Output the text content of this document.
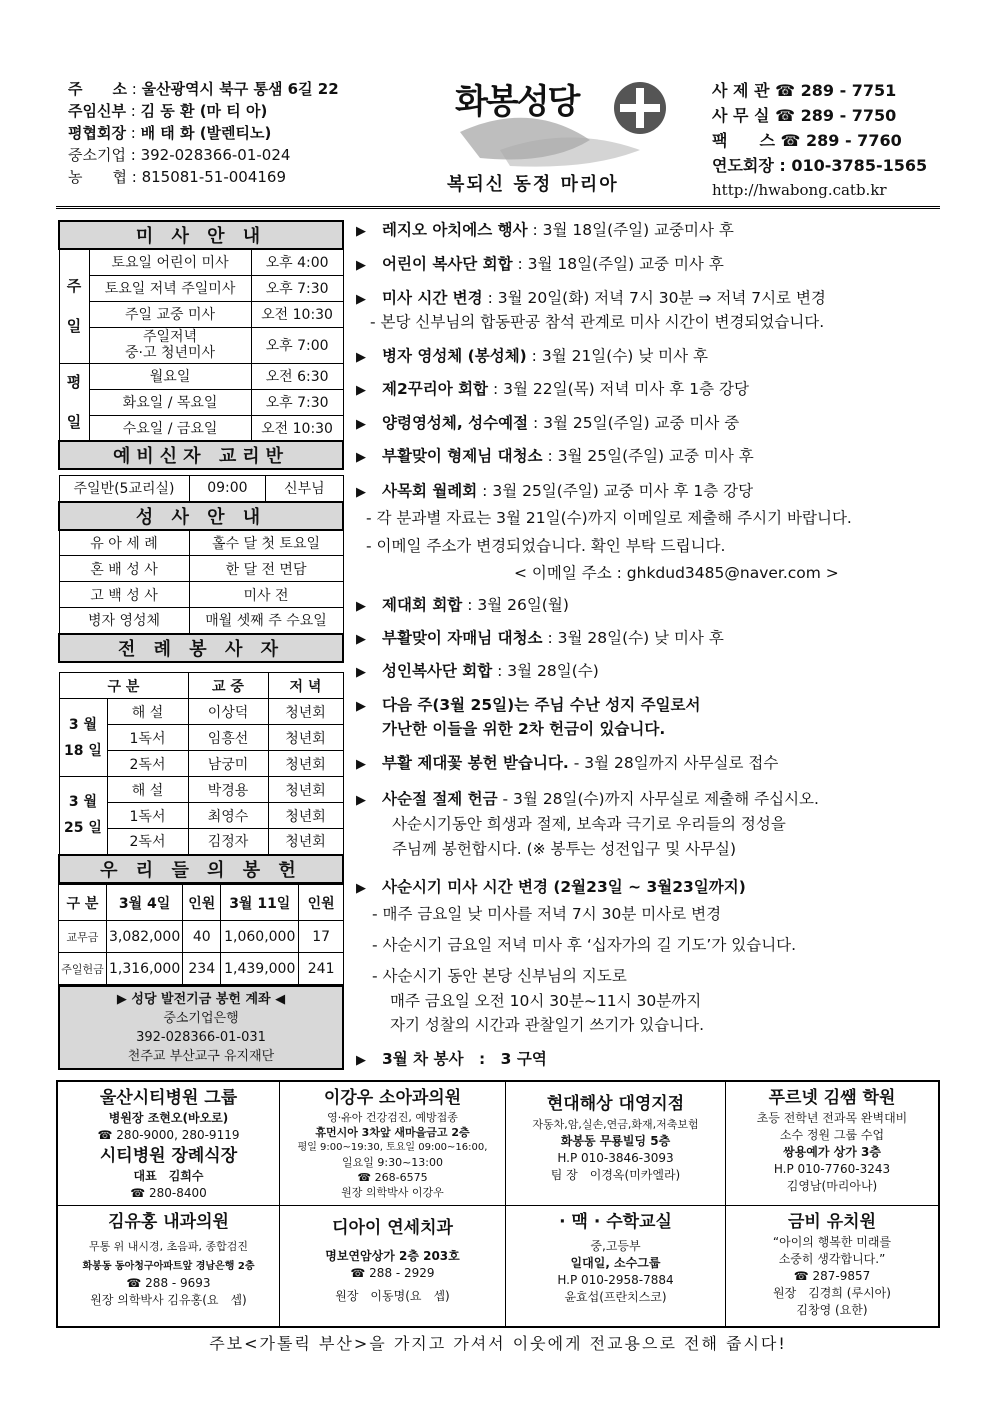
주　　소 : 울산광역시 북구 통샘 6길 22
주임신부 : 김 동 환 (마 티 아)
평협회장 : 배 태 화 (발렌티노)
중소기업 : 392-028366-01-024
농　　협 : 815081-51-004169
화봉성당
복되신 동정 마리아
사 제 관 ☎ 289 - 7751
사 무 실 ☎ 289 - 7750
팩　　스 ☎ 289 - 7760
연도회장 : 010-3785-1565
http://hwabong.catb.kr
미 사 안 내		
주

일	토요일 어린이 미사	오후 4:00
	토요일 저녁 주일미사	오후 7:30
	주일 교중 미사	오전 10:30
	주일저녁
중·고 청년미사	오후 7:00
평

일	월요일	오전 6:30
	화요일 / 목요일	오후 7:30
	수요일 / 금요일	오전 10:30
예비신자 교리반		
주일반(5교리실)	09:00	신부님
성 사 안 내		
유 아 세 례	홀수 달 첫 토요일	
혼 배 성 사	한 달 전 면담	
고 백 성 사	미사 전	
병자 영성체	매월 셋째 주 수요일	
전 례 봉 사 자		
구 분		교 중	저 녁
3 월
18 일	해 설	이상덕	청년회
	1독서	임흥선	청년회
	2독서	남궁미	청년회
3 월
25 일	해 설	박경용	청년회
	1독서	최영수	청년회
	2독서	김정자	청년회
우 리 들 의 봉 헌			
구 분	3월 4일	인원	3월 11일	인원
교무금	3,082,000	40	1,060,000	17
주일헌금	1,316,000	234	1,439,000	241
▶ 성당 발전기금 봉헌 계좌 ◀
중소기업은행
392-028366-01-031
천주교 부산교구 유지재단
▶ 레지오 아치에스 행사 : 3월 18일(주일) 교중미사 후
▶ 어린이 복사단 회합 : 3월 18일(주일) 교중 미사 후
▶ 미사 시간 변경 : 3월 20일(화) 저녁 7시 30분 ⇒ 저녁 7시로 변경
- 본당 신부님의 합동판공 참석 관계로 미사 시간이 변경되었습니다.
▶ 병자 영성체 (봉성체) : 3월 21일(수) 낮 미사 후
▶ 제2꾸리아 회합 : 3월 22일(목) 저녁 미사 후 1층 강당
▶ 양령영성체, 성수예절 : 3월 25일(주일) 교중 미사 중
▶ 부활맞이 형제님 대청소 : 3월 25일(주일) 교중 미사 후
▶ 사목회 월례회 : 3월 25일(주일) 교중 미사 후 1층 강당
- 각 분과별 자료는 3월 21일(수)까지 이메일로 제출해 주시기 바랍니다.
- 이메일 주소가 변경되었습니다. 확인 부탁 드립니다.
< 이메일 주소 : ghkdud3485@naver.com >
▶ 제대회 회합 : 3월 26일(월)
▶ 부활맞이 자매님 대청소 : 3월 28일(수) 낮 미사 후
▶ 성인복사단 회합 : 3월 28일(수)
▶ 다음 주(3월 25일)는 주님 수난 성지 주일로서
가난한 이들을 위한 2차 헌금이 있습니다.
▶ 부활 제대꽃 봉헌 받습니다. - 3월 28일까지 사무실로 접수
▶ 사순절 절제 헌금 - 3월 28일(수)까지 사무실로 제출해 주십시오.
사순시기동안 희생과 절제, 보속과 극기로 우리들의 정성을
주님께 봉헌합시다. (※ 봉투는 성전입구 및 사무실)
▶ 사순시기 미사 시간 변경 (2월23일 ~ 3월23일까지)
- 매주 금요일 낮 미사를 저녁 7시 30분 미사로 변경
- 사순시기 금요일 저녁 미사 후 ‘십자가의 길 기도’가 있습니다.
- 사순시기 동안 본당 신부님의 지도로
매주 금요일 오전 10시 30분~11시 30분까지
자기 성찰의 시간과 관찰일기 쓰기가 있습니다.
▶ 3월 차 봉사　:　3 구역
울산시티병원 그룹
병원장 조현오(바오로)
☎ 280-9000, 280-9119
시티병원 장례식장
대표　김희수
☎ 280-8400
이강우 소아과의원
영·유아 건강검진, 예방접종
휴먼시아 3차앞 새마을금고 2층
평일 9:00~19:30, 토요일 09:00~16:00,
일요일 9:30~13:00
☎ 268-6575
원장 의학박사 이강우
현대해상 대영지점
자동차,암,실손,연금,화재,저축보험
화봉동 무룡빌딩 5층
H.P 010-3846-3093
팀 장　이경옥(미카엘라)
푸르넷 김쌤 학원
초등 전학년 전과목 완벽대비
소수 정원 그룹 수업
쌍용예가 상가 3층
H.P 010-7760-3243
김영남(마리아나)
김유홍 내과의원
무통 위 내시경, 초음파, 종합검진
화봉동 동아청구아파트앞 경남은행 2층
☎ 288 - 9693
원장 의학박사 김유홍(요　셉)
디아이 연세치과
명보연암상가 2층 203호
☎ 288 - 2929
원장　이동명(요　셉)
· 맥 · 수학교실
중,고등부
일대일, 소수그룹
H.P 010-2958-7884
윤효섭(프란치스코)
금비 유치원
“아이의 행복한 미래를
소중히 생각합니다.”
☎ 287-9857
원장　김경희 (루시아)
김창영 (요한)
주보<가톨릭 부산>을 가지고 가셔서 이웃에게 전교용으로 전해 줍시다!
